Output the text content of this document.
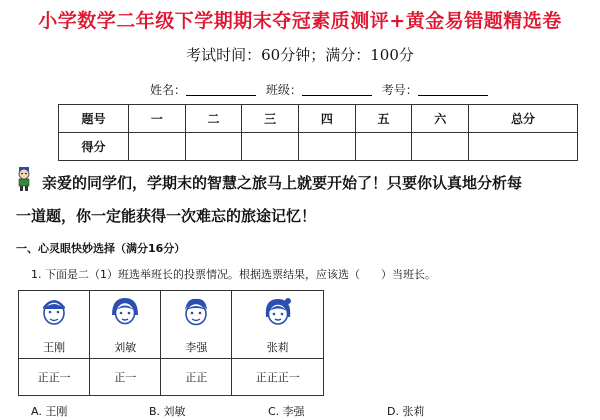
小学数学二年级下学期期末夺冠素质测评+黄金易错题精选卷
考试时间：60分钟；满分：100分
姓名：	班级：	考号：
题号	一	二	三	四	五	六	总分
得分							
亲爱的同学们，学期末的智慧之旅马上就要开始了！只要你认真地分析每
一道题，你一定能获得一次难忘的旅途记忆！
一、心灵眼快妙选择（满分16分）
1. 下面是二（1）班选举班长的投票情况。根据选票结果，应该选（      ）当班长。
王刚	刘敏	李强	张莉

正正一	正一	正正	正正正一
A. 王刚	B. 刘敏	C. 李强	D. 张莉
